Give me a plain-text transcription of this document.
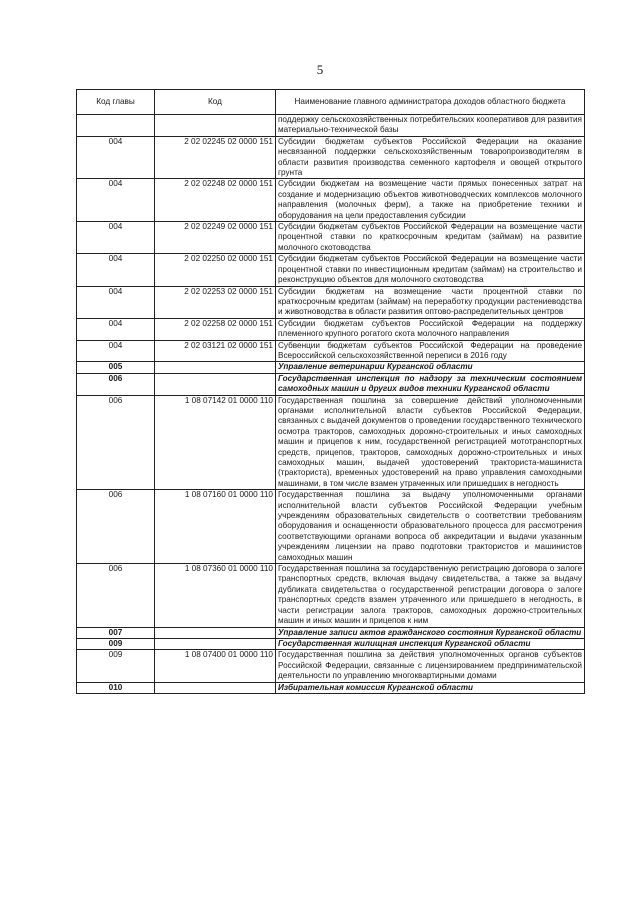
5
Код главы	Код	Наименование главного администратора доходов областного бюджета
		поддержку сельскохозяйственных потребительских кооперативов для развития материально-технической базы
004	2 02 02245 02 0000 151	Субсидии бюджетам субъектов Российской Федерации на оказание несвязанной поддержки сельскохозяйственным товаропроизводителям в области развития производства семенного картофеля и овощей открытого грунта
004	2 02 02248 02 0000 151	Субсидии бюджетам на возмещение части прямых понесенных затрат на создание и модернизацию объектов животноводческих комплексов молочного направления (молочных ферм), а также на приобретение техники и оборудования на цели предоставления субсидии
004	2 02 02249 02 0000 151	Субсидии бюджетам субъектов Российской Федерации на возмещение части процентной ставки по краткосрочным кредитам (займам) на развитие молочного скотоводства
004	2 02 02250 02 0000 151	Субсидии бюджетам субъектов Российской Федерации на возмещение части процентной ставки по инвестиционным кредитам (займам) на строительство и реконструкцию объектов для молочного скотоводства
004	2 02 02253 02 0000 151	Субсидии бюджетам на возмещение части процентной ставки по краткосрочным кредитам (займам) на переработку продукции растениеводства и животноводства в области развития оптово-распределительных центров
004	2 02 02258 02 0000 151	Субсидии бюджетам субъектов Российской Федерации на поддержку племенного крупного рогатого скота молочного направления
004	2 02 03121 02 0000 151	Субвенции бюджетам субъектов Российской Федерации на проведение Всероссийской сельскохозяйственной переписи в 2016 году
005		Управление ветеринарии Курганской области
006		Государственная инспекция по надзору за техническим состоянием самоходных машин и других видов техники Курганской области
006	1 08 07142 01 0000 110	Государственная пошлина за совершение действий уполномоченными органами исполнительной власти субъектов Российской Федерации, связанных с выдачей документов о проведении государственного технического осмотра тракторов, самоходных дорожно-строительных и иных самоходных машин и прицепов к ним, государственной регистрацией мототранспортных средств, прицепов, тракторов, самоходных дорожно-строительных и иных самоходных машин, выдачей удостоверений тракториста-машиниста (тракториста), временных удостоверений на право управления самоходными машинами, в том числе взамен утраченных или пришедших в негодность
006	1 08 07160 01 0000 110	Государственная пошлина за выдачу уполномоченными органами исполнительной власти субъектов Российской Федерации учебным учреждениям образовательных свидетельств о соответствии требованиям оборудования и оснащенности образовательного процесса для рассмотрения соответствующими органами вопроса об аккредитации и выдачи указанным учреждениям лицензии на право подготовки трактористов и машинистов самоходных машин
006	1 08 07360 01 0000 110	Государственная пошлина за государственную регистрацию договора о залоге транспортных средств, включая выдачу свидетельства, а также за выдачу дубликата свидетельства о государственной регистрации договора о залоге транспортных средств взамен утраченного или пришедшего в негодность, в части регистрации залога тракторов, самоходных дорожно-строительных машин и иных машин и прицепов к ним
007		Управление записи актов гражданского состояния Курганской области
009		Государственная жилищная инспекция Курганской области
009	1 08 07400 01 0000 110	Государственная пошлина за действия уполномоченных органов субъектов Российской Федерации, связанные с лицензированием предпринимательской деятельности по управлению многоквартирными домами
010		Избирательная комиссия Курганской области
